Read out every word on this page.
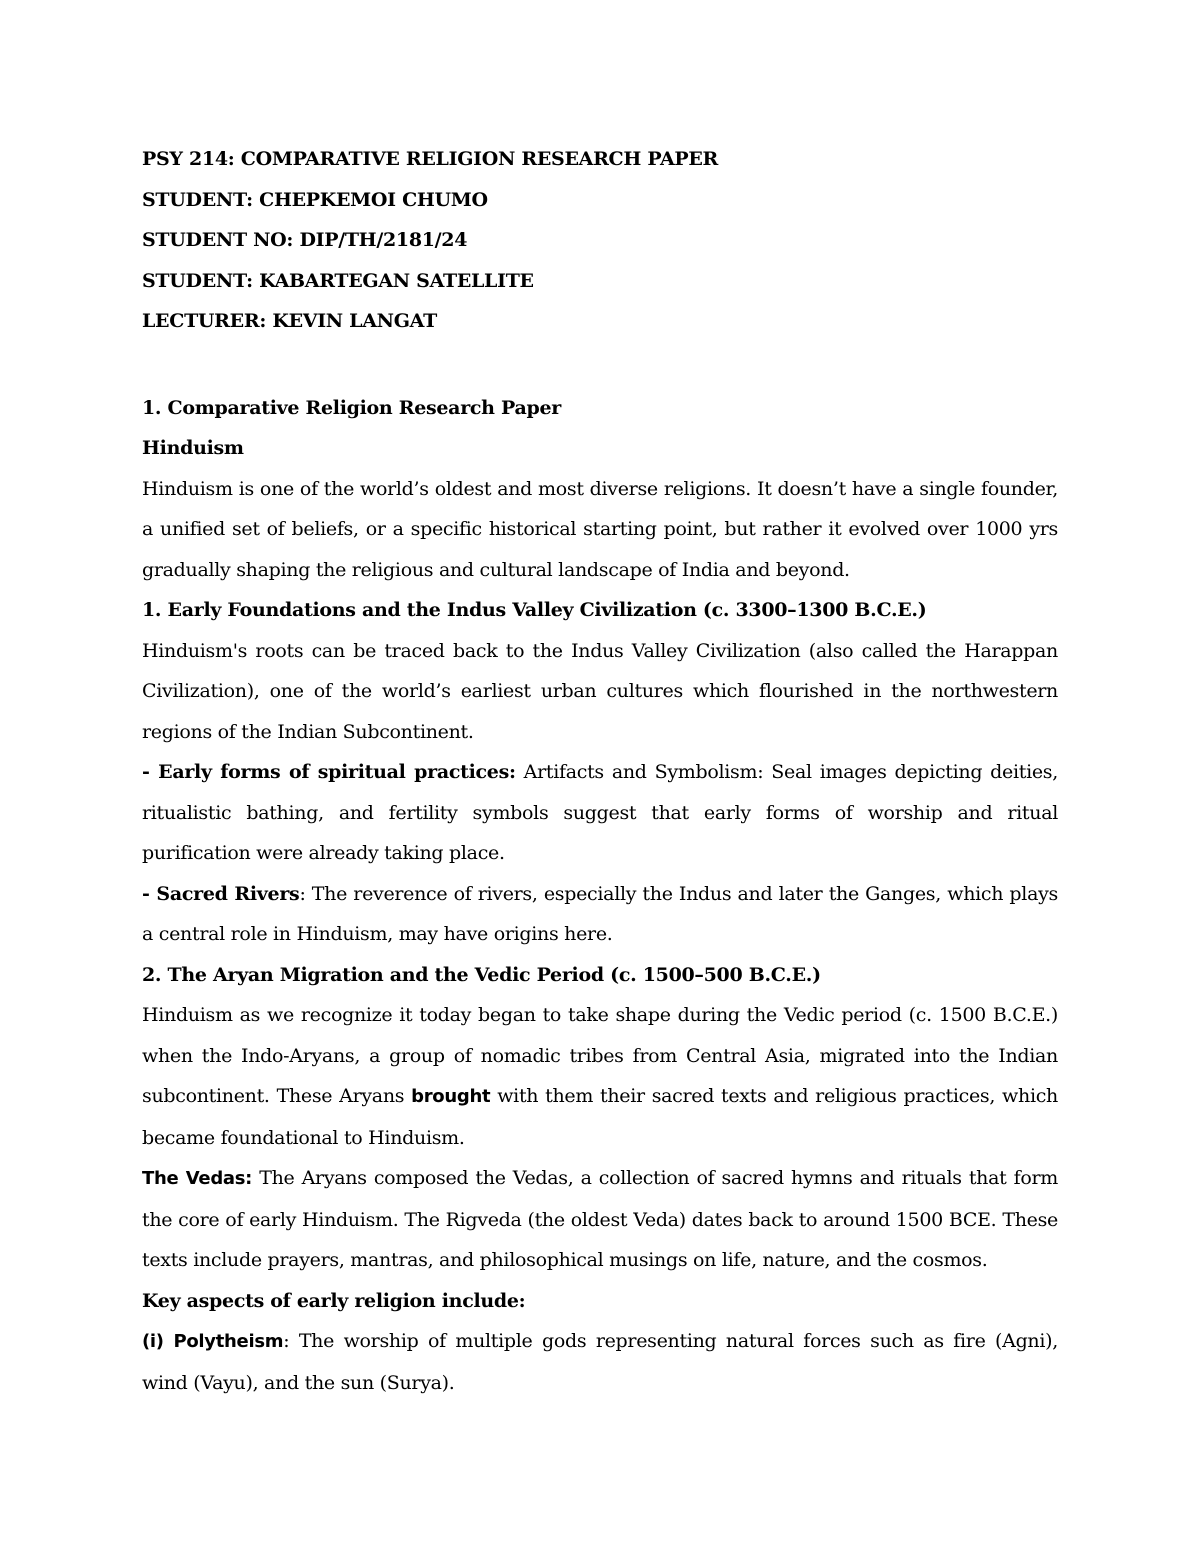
PSY 214: COMPARATIVE RELIGION RESEARCH PAPER
STUDENT: CHEPKEMOI CHUMO
STUDENT NO: DIP/TH/2181/24
STUDENT: KABARTEGAN SATELLITE
LECTURER: KEVIN LANGAT
1. Comparative Religion Research Paper
Hinduism
Hinduism is one of the world’s oldest and most diverse religions. It doesn’t have a single founder, a unified set of beliefs, or a specific historical starting point, but rather it evolved over 1000 yrs gradually shaping the religious and cultural landscape of India and beyond.
1. Early Foundations and the Indus Valley Civilization (c. 3300–1300 B.C.E.)
Hinduism's roots can be traced back to the Indus Valley Civilization (also called the Harappan Civilization), one of the world’s earliest urban cultures which flourished in the northwestern regions of the Indian Subcontinent.
- Early forms of spiritual practices: Artifacts and Symbolism: Seal images depicting deities, ritualistic bathing, and fertility symbols suggest that early forms of worship and ritual purification were already taking place.
- Sacred Rivers: The reverence of rivers, especially the Indus and later the Ganges, which plays a central role in Hinduism, may have origins here.
2. The Aryan Migration and the Vedic Period (c. 1500–500 B.C.E.)
Hinduism as we recognize it today began to take shape during the Vedic period (c. 1500 B.C.E.) when the Indo-Aryans, a group of nomadic tribes from Central Asia, migrated into the Indian subcontinent. These Aryans brought with them their sacred texts and religious practices, which became foundational to Hinduism.
The Vedas: The Aryans composed the Vedas, a collection of sacred hymns and rituals that form the core of early Hinduism. The Rigveda (the oldest Veda) dates back to around 1500 BCE. These texts include prayers, mantras, and philosophical musings on life, nature, and the cosmos.
Key aspects of early religion include:
(i) Polytheism: The worship of multiple gods representing natural forces such as fire (Agni), wind (Vayu), and the sun (Surya).
